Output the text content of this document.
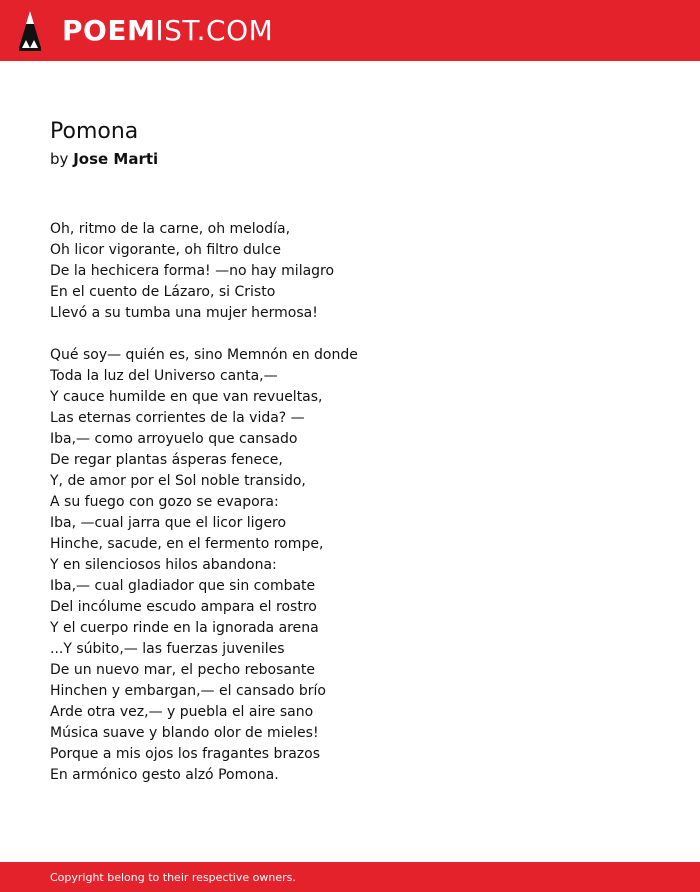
POEMIST.COM
Pomona
by Jose Marti
Oh, ritmo de la carne, oh melodía,
Oh licor vigorante, oh filtro dulce
De la hechicera forma! —no hay milagro
En el cuento de Lázaro, si Cristo
Llevó a su tumba una mujer hermosa!
Qué soy— quién es, sino Memnón en donde
Toda la luz del Universo canta,—
Y cauce humilde en que van revueltas,
Las eternas corrientes de la vida? —
Iba,— como arroyuelo que cansado
De regar plantas ásperas fenece,
Y, de amor por el Sol noble transido,
A su fuego con gozo se evapora:
Iba, —cual jarra que el licor ligero
Hinche, sacude, en el fermento rompe,
Y en silenciosos hilos abandona:
Iba,— cual gladiador que sin combate
Del incólume escudo ampara el rostro
Y el cuerpo rinde en la ignorada arena
...Y súbito,— las fuerzas juveniles
De un nuevo mar, el pecho rebosante
Hinchen y embargan,— el cansado brío
Arde otra vez,— y puebla el aire sano
Música suave y blando olor de mieles!
Porque a mis ojos los fragantes brazos
En armónico gesto alzó Pomona.
Copyright belong to their respective owners.
